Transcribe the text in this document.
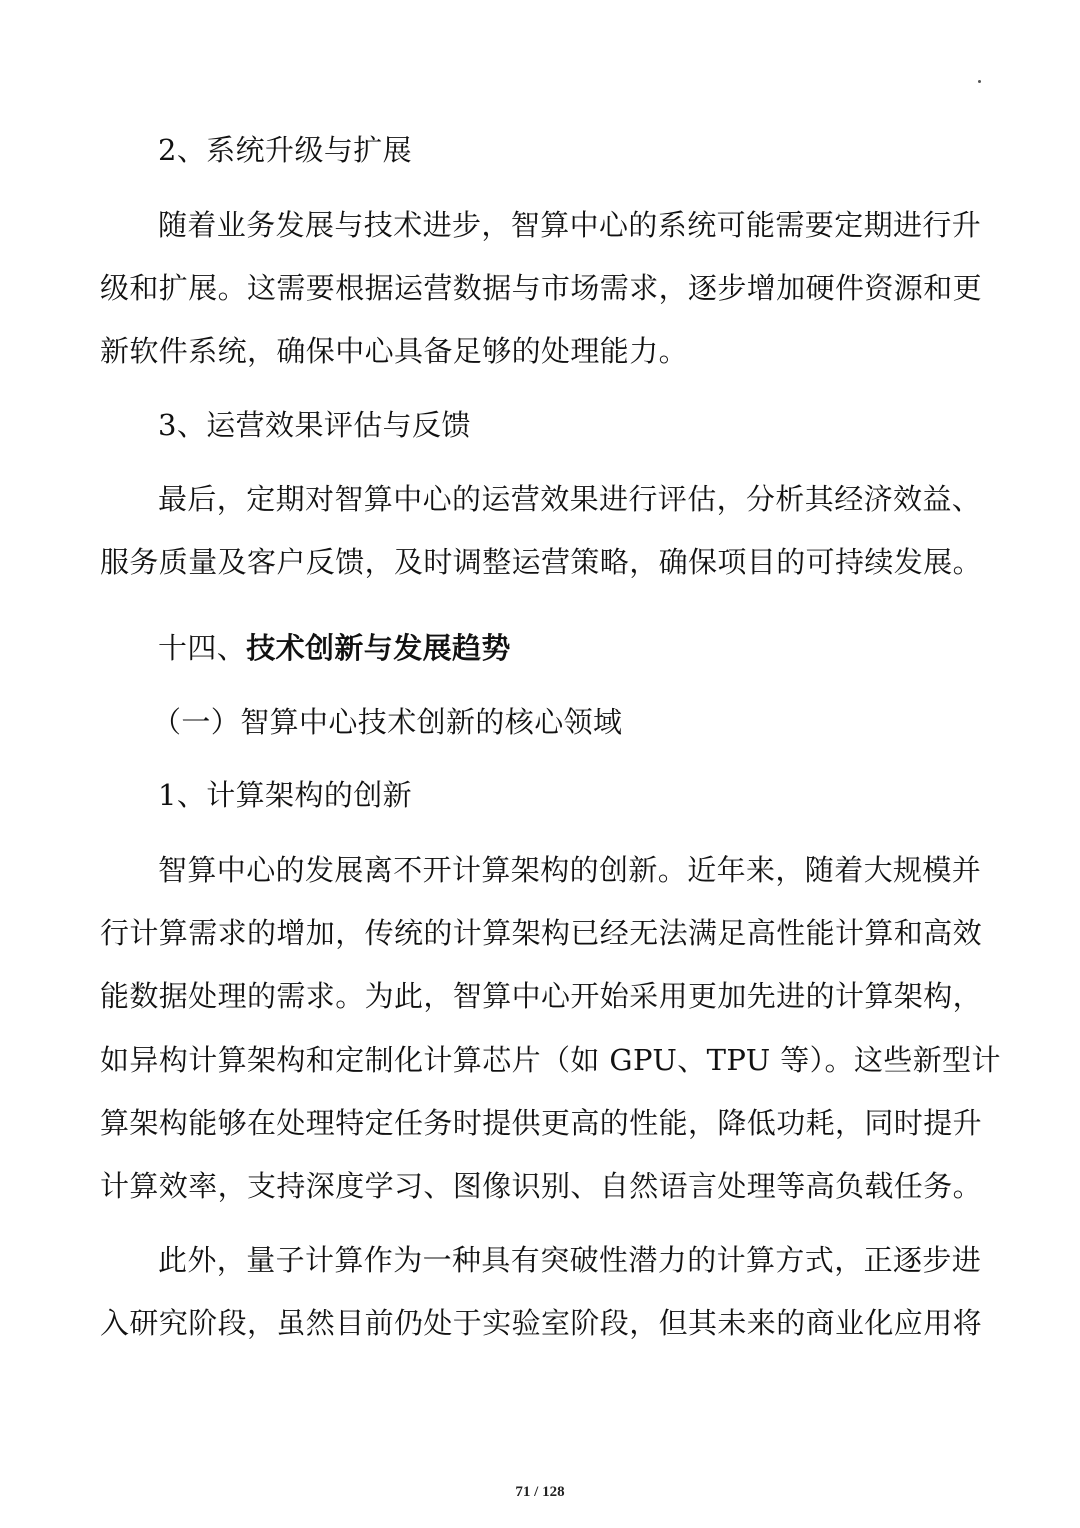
2、系统升级与扩展
随着业务发展与技术进步，智算中心的系统可能需要定期进行升
级和扩展。这需要根据运营数据与市场需求，逐步增加硬件资源和更
新软件系统，确保中心具备足够的处理能力。
3、运营效果评估与反馈
最后，定期对智算中心的运营效果进行评估，分析其经济效益、
服务质量及客户反馈，及时调整运营策略，确保项目的可持续发展。
十四、技术创新与发展趋势
（一）智算中心技术创新的核心领域
1、计算架构的创新
智算中心的发展离不开计算架构的创新。近年来，随着大规模并
行计算需求的增加，传统的计算架构已经无法满足高性能计算和高效
能数据处理的需求。为此，智算中心开始采用更加先进的计算架构，
如异构计算架构和定制化计算芯片（如 GPU、TPU 等）。这些新型计
算架构能够在处理特定任务时提供更高的性能，降低功耗，同时提升
计算效率，支持深度学习、图像识别、自然语言处理等高负载任务。
此外，量子计算作为一种具有突破性潜力的计算方式，正逐步进
入研究阶段，虽然目前仍处于实验室阶段，但其未来的商业化应用将
71 / 128
